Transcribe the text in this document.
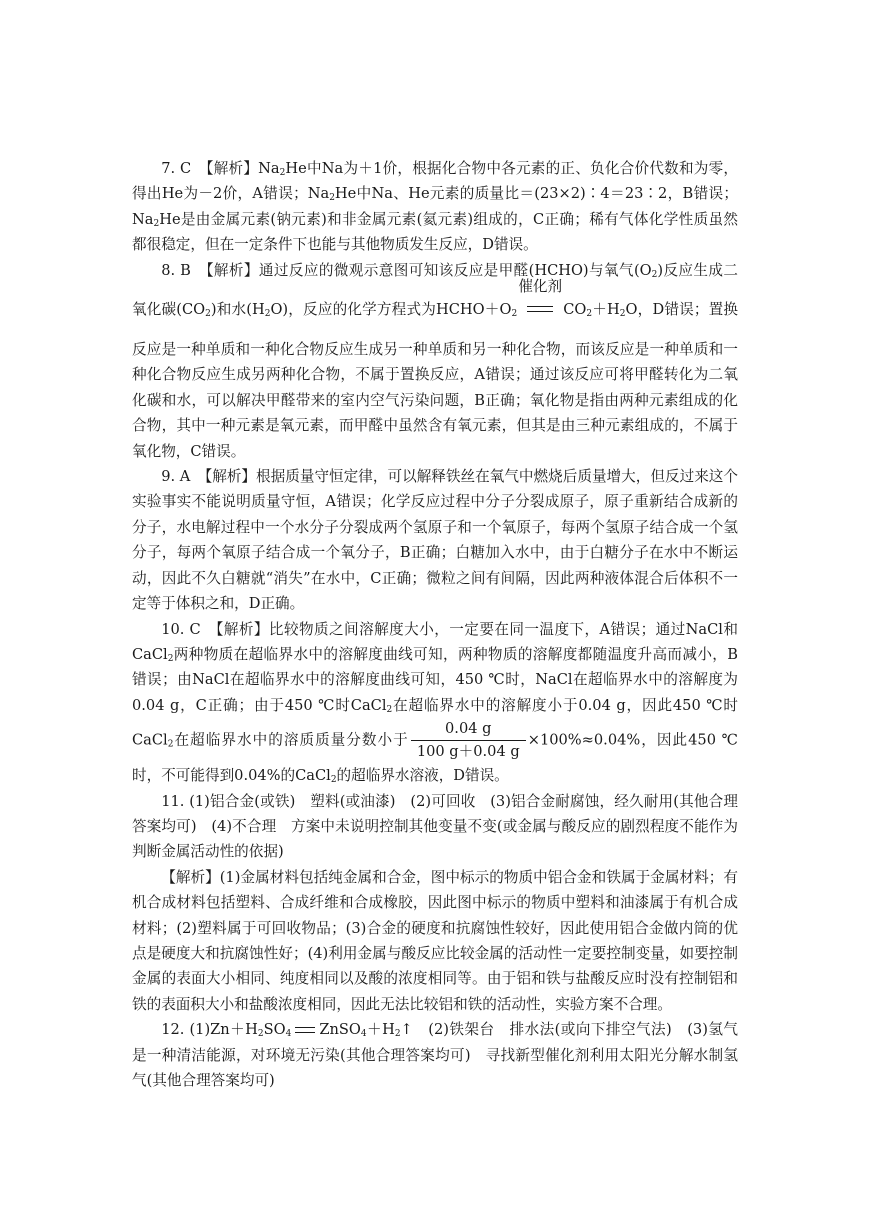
7. C　【解析】$Na_2He$中Na为＋1价，根据化合物中各元素的正、负化合价代数和为零，得出He为－2价，A错误；$Na_2He$中Na、He元素的质量比＝(23×2)∶4＝23∶2，B错误；$Na_2He$是由金属元素(钠元素)和非金属元素(氦元素)组成的，C正确；稀有气体化学性质虽然都很稳定，但在一定条件下也能与其他物质发生反应，D错误。

8. B　【解析】通过反应的微观示意图可知该反应是甲醛(HCHO)与氧气$(O_2)$反应生成二氧化碳$(CO_2)$和水$(H_2O)$，反应的化学方程式为$HCHO+O_2$
催化剂
$CO_2+H_2O$，D错误；置换反应是一种单质和一种化合物反应生成另一种单质和另一种化合物，而该反应是一种单质和一种化合物反应生成另两种化合物，不属于置换反应，A错误；通过该反应可将甲醛转化为二氧化碳和水，可以解决甲醛带来的室内空气污染问题，B正确；氧化物是指由两种元素组成的化合物，其中一种元素是氧元素，而甲醛中虽然含有氧元素，但其是由三种元素组成的，不属于氧化物，C错误。

9. A　【解析】根据质量守恒定律，可以解释铁丝在氧气中燃烧后质量增大，但反过来这个实验事实不能说明质量守恒，A错误；化学反应过程中分子分裂成原子，原子重新结合成新的分子，水电解过程中一个水分子分裂成两个氢原子和一个氧原子，每两个氢原子结合成一个氢分子，每两个氧原子结合成一个氧分子，B正确；白糖加入水中，由于白糖分子在水中不断运动，因此不久白糖就“消失”在水中，C正确；微粒之间有间隔，因此两种液体混合后体积不一定等于体积之和，D正确。

10. C　【解析】比较物质之间溶解度大小，一定要在同一温度下，A错误；通过NaCl和CaCl$_2$两种物质在超临界水中的溶解度曲线可知，两种物质的溶解度都随温度升高而减小，B错误；由NaCl在超临界水中的溶解度曲线可知，450 ℃时，NaCl在超临界水中的溶解度为0.04 g，C正确；由于450 ℃时CaCl$_2$在超临界水中的溶解度小于0.04 g，因此450 ℃时CaCl$_2$在超临界水中的溶质质量分数小于 $\frac{0.04 g}{100 g+0.04 g} \times 100\%\approx 0.04\%$，因此450 ℃时，不可能得到0.04%的CaCl$_2$的超临界水溶液，D错误。

11. (1)铝合金(或铁)　塑料(或油漆)　(2)可回收　(3)铝合金耐腐蚀，经久耐用(其他合理答案均可)　(4)不合理　方案中未说明控制其他变量不变(或金属与酸反应的剧烈程度不能作为判断金属活动性的依据)

【解析】(1)金属材料包括纯金属和合金，图中标示的物质中铝合金和铁属于金属材料；有机合成材料包括塑料、合成纤维和合成橡胶，因此图中标示的物质中塑料和油漆属于有机合成材料；(2)塑料属于可回收物品；(3)合金的硬度和抗腐蚀性较好，因此使用铝合金做内筒的优点是硬度大和抗腐蚀性好；(4)利用金属与酸反应比较金属的活动性一定要控制变量，如要控制金属的表面大小相同、纯度相同以及酸的浓度相同等。由于铝和铁与盐酸反应时没有控制铝和铁的表面积大小和盐酸浓度相同，因此无法比较铝和铁的活动性，实验方案不合理。

12. $(1)Zn+H_2SO_4$ $ZnSO_4+H_2↑$　(2)铁架台　排水法(或向下排空气法)　(3)氢气是一种清洁能源，对环境无污染(其他合理答案均可)　寻找新型催化剂利用太阳光分解水制氢气(其他合理答案均可)
